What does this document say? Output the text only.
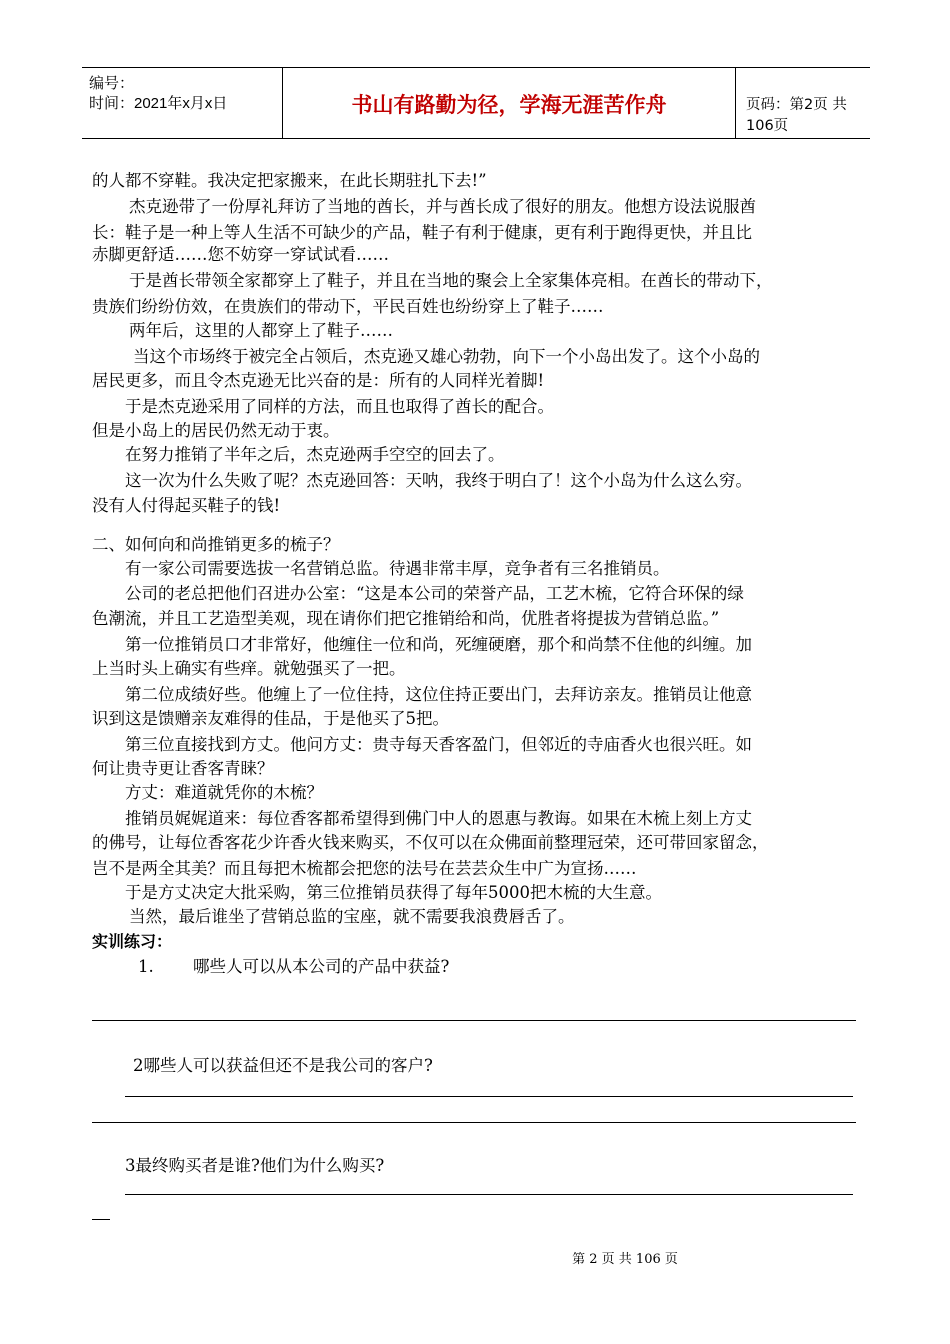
编号：
时间：2021年x月x日	书山有路勤为径，学海无涯苦作舟	页码：第2页 共106页
的人都不穿鞋。我决定把家搬来，在此长期驻扎下去!”
杰克逊带了一份厚礼拜访了当地的酋长，并与酋长成了很好的朋友。他想方设法说服酋
长：鞋子是一种上等人生活不可缺少的产品，鞋子有利于健康，更有利于跑得更快，并且比
赤脚更舒适……您不妨穿一穿试试看……
于是酋长带领全家都穿上了鞋子，并且在当地的聚会上全家集体亮相。在酋长的带动下，
贵族们纷纷仿效，在贵族们的带动下，平民百姓也纷纷穿上了鞋子……
两年后，这里的人都穿上了鞋子……
当这个市场终于被完全占领后，杰克逊又雄心勃勃，向下一个小岛出发了。这个小岛的
居民更多，而且令杰克逊无比兴奋的是：所有的人同样光着脚!
于是杰克逊采用了同样的方法，而且也取得了酋长的配合。
但是小岛上的居民仍然无动于衷。
在努力推销了半年之后，杰克逊两手空空的回去了。
这一次为什么失败了呢？杰克逊回答：天呐，我终于明白了！这个小岛为什么这么穷。
没有人付得起买鞋子的钱!
二、如何向和尚推销更多的梳子？
有一家公司需要选拔一名营销总监。待遇非常丰厚，竞争者有三名推销员。
公司的老总把他们召进办公室：“这是本公司的荣誉产品，工艺木梳，它符合环保的绿
色潮流，并且工艺造型美观，现在请你们把它推销给和尚，优胜者将提拔为营销总监。”
第一位推销员口才非常好，他缠住一位和尚，死缠硬磨，那个和尚禁不住他的纠缠。加
上当时头上确实有些痒。就勉强买了一把。
第二位成绩好些。他缠上了一位住持，这位住持正要出门，去拜访亲友。推销员让他意
识到这是馈赠亲友难得的佳品，于是他买了5把。
第三位直接找到方丈。他问方丈：贵寺每天香客盈门，但邻近的寺庙香火也很兴旺。如
何让贵寺更让香客青睐？
方丈：难道就凭你的木梳？
推销员娓娓道来：每位香客都希望得到佛门中人的恩惠与教诲。如果在木梳上刻上方丈
的佛号，让每位香客花少许香火钱来购买，不仅可以在众佛面前整理冠荣，还可带回家留念，
岂不是两全其美？而且每把木梳都会把您的法号在芸芸众生中广为宣扬……
于是方丈决定大批采购，第三位推销员获得了每年5000把木梳的大生意。
当然，最后谁坐了营销总监的宝座，就不需要我浪费唇舌了。
实训练习：
1. 哪些人可以从本公司的产品中获益?
2哪些人可以获益但还不是我公司的客户?
3最终购买者是谁?他们为什么购买?
第 2 页 共 106 页
